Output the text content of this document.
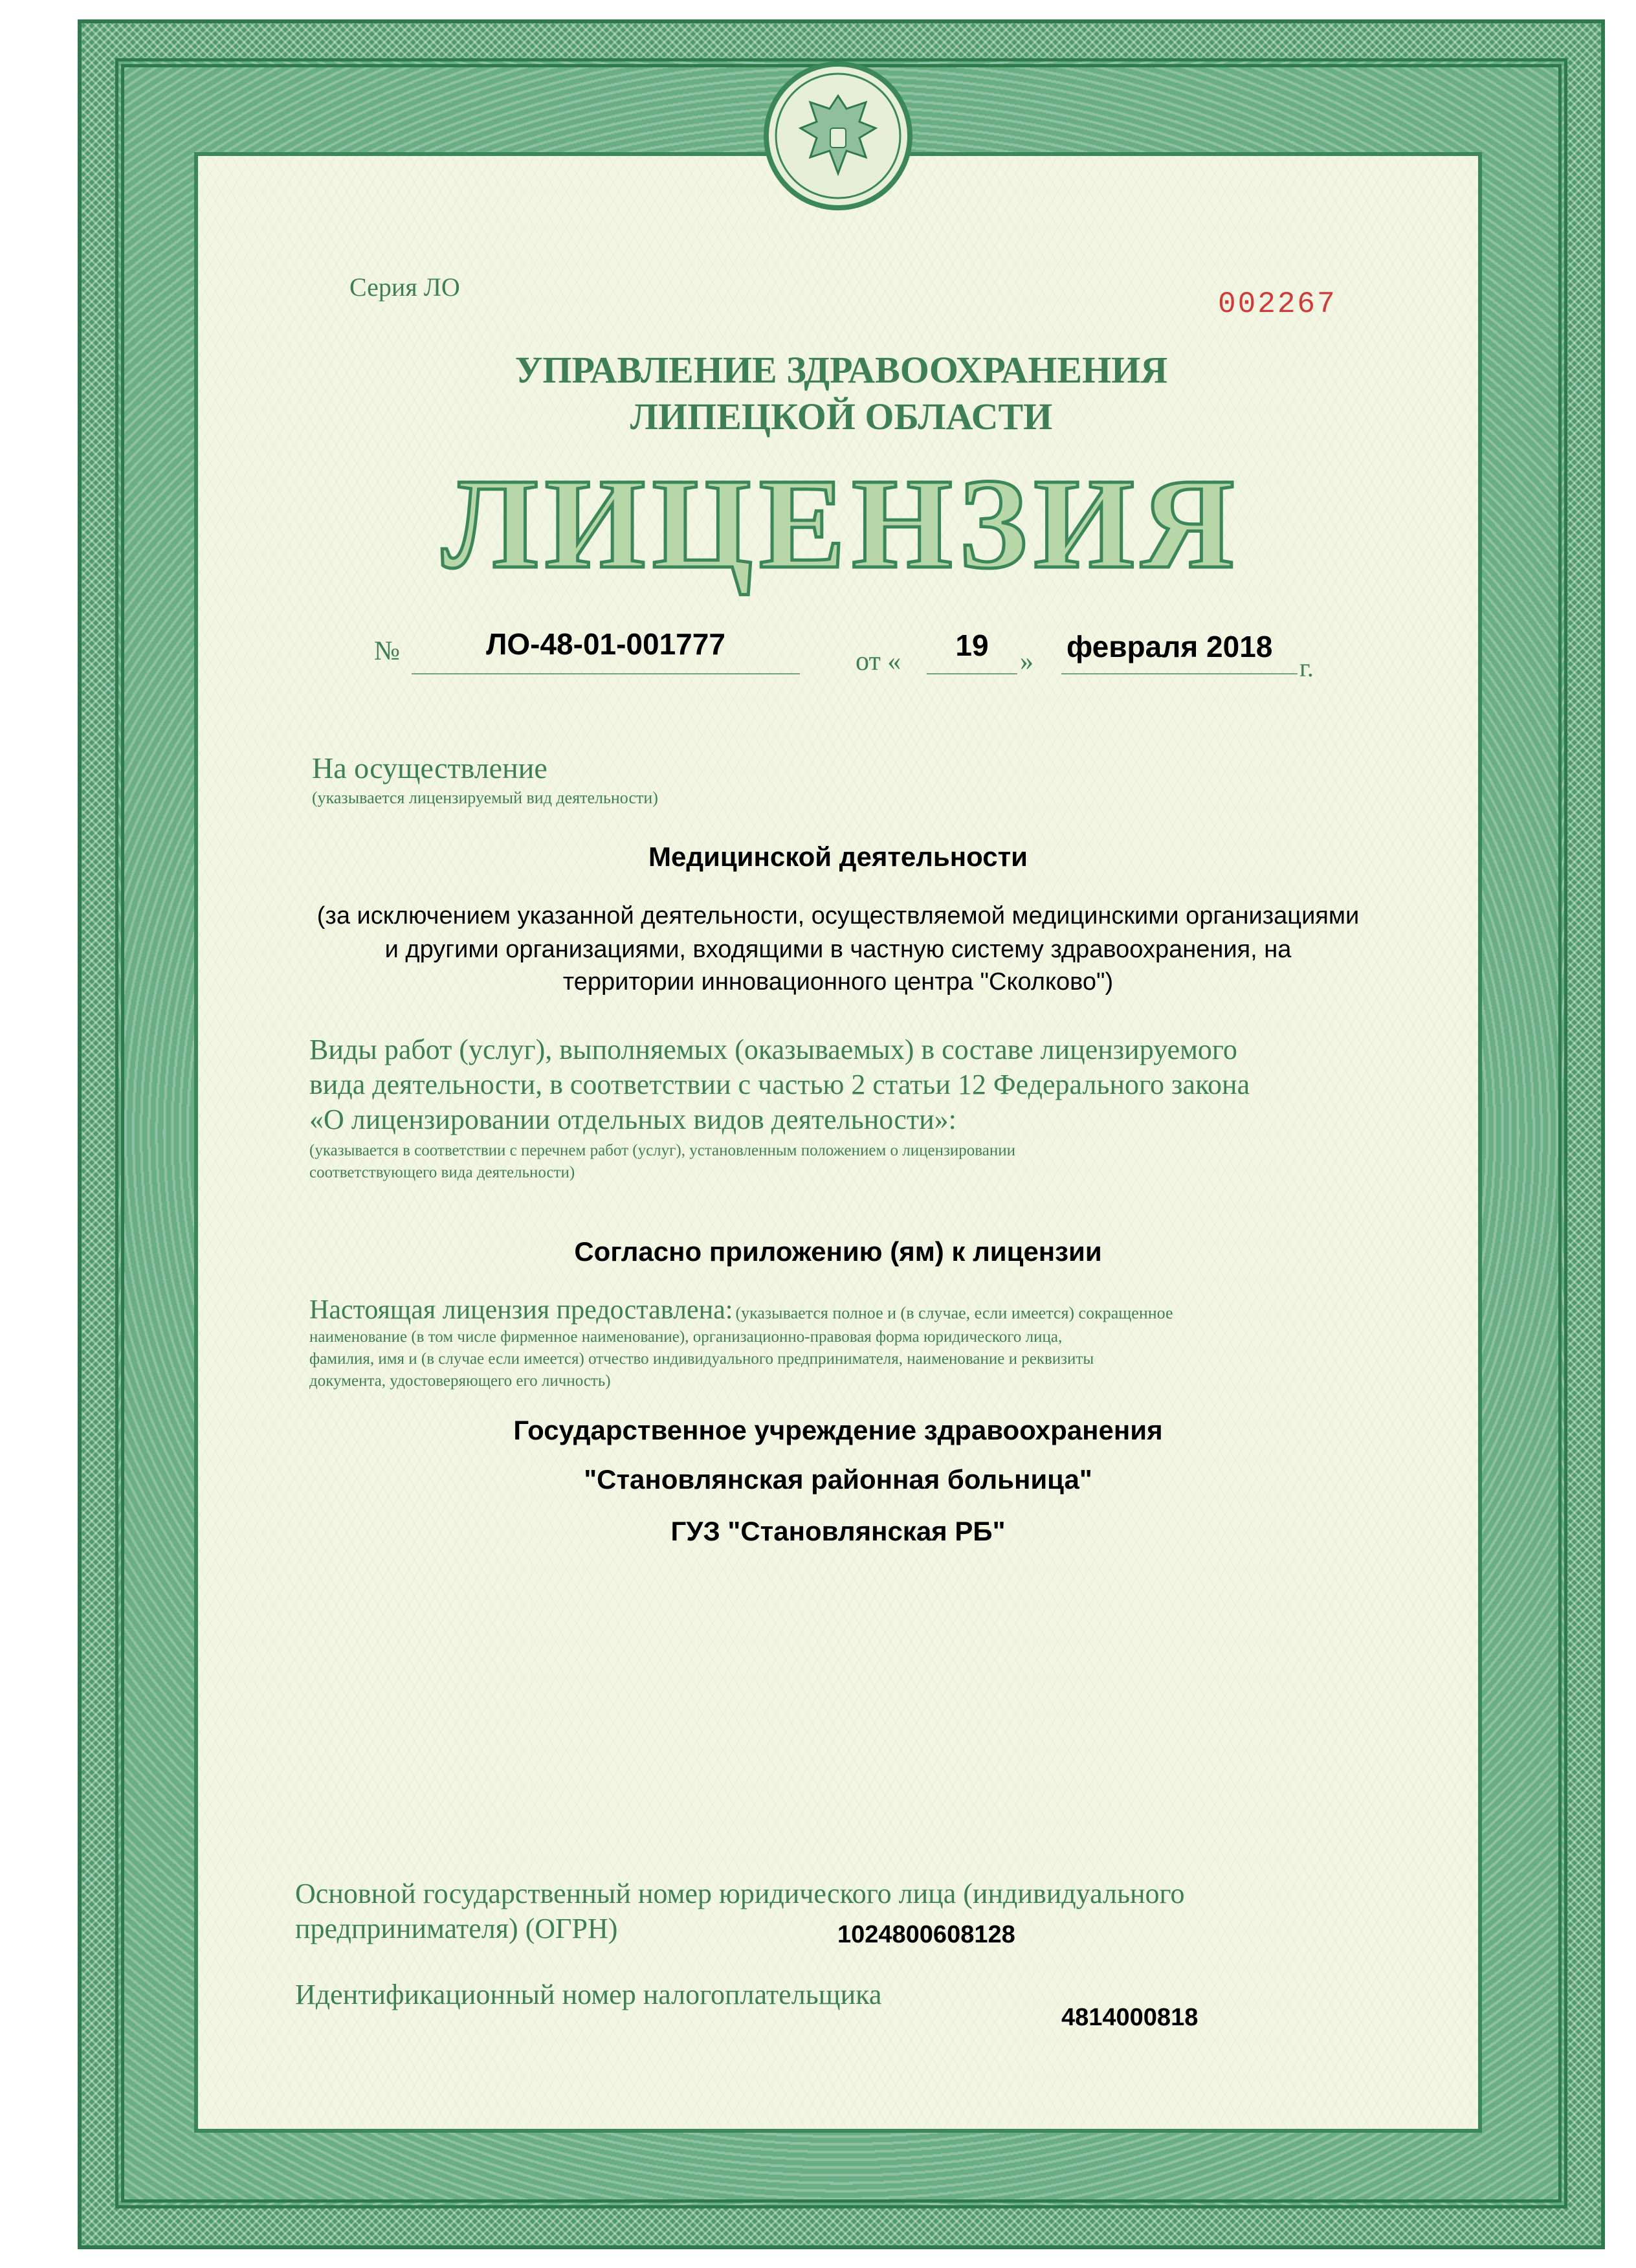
Серия ЛО
002267
УПРАВЛЕНИЕ ЗДРАВООХРАНЕНИЯ
ЛИПЕЦКОЙ ОБЛАСТИ
ЛИЦЕНЗИЯ
№	ЛО-48-01-001777
от «	19	» февраля 2018
г.
На осуществление
(указывается лицензируемый вид деятельности)
Медицинской деятельности
(за исключением указанной деятельности, осуществляемой медицинскими организациями
и другими организациями, входящими в частную систему здравоохранения, на
территории инновационного центра "Сколково")
Виды работ (услуг), выполняемых (оказываемых) в составе лицензируемого
вида деятельности, в соответствии с частью 2 статьи 12 Федерального закона
«О лицензировании отдельных видов деятельности»:
(указывается в соответствии с перечнем работ (услуг), установленным положением о лицензировании
соответствующего вида деятельности)
Согласно приложению (ям) к лицензии
Настоящая лицензия предоставлена: (указывается полное и (в случае, если имеется) сокращенное
наименование (в том числе фирменное наименование), организационно-правовая форма юридического лица,
фамилия, имя и (в случае если имеется) отчество индивидуального предпринимателя, наименование и реквизиты
документа, удостоверяющего его личность)
Государственное учреждение здравоохранения
"Становлянская районная больница"
ГУЗ "Становлянская РБ"
Основной государственный номер юридического лица (индивидуального
предпринимателя) (ОГРН)	1024800608128
Идентификационный номер налогоплательщика
4814000818
